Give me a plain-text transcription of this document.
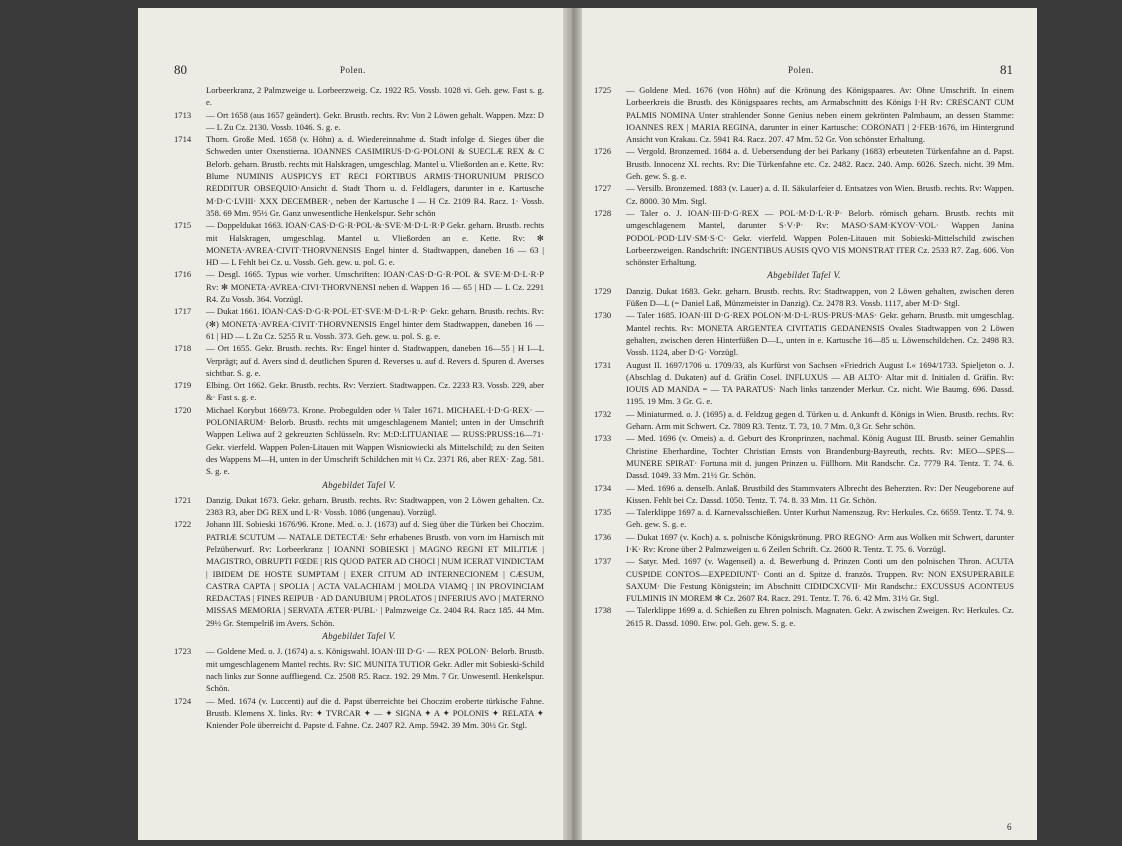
80	Polen.
Lorbeerkranz, 2 Palmzweige u. Lorbeerzweig. Cz. 1922 R5. Vossb. 1028 vi. Geh. gew. Fast s. g. e.
1713	— Ort 1658 (aus 1657 geändert). Gekr. Brustb. rechts. Rv: Von 2 Löwen gehalt. Wappen. Mzz: D — L Zu Cz. 2130. Vossb. 1046. S. g. e.
1714	Thorn. Große Med. 1658 (v. Höhn) a. d. Wiedereinnahme d. Stadt infolge d. Sieges über die Schweden unter Oxenstierna. IOANNES CASIMIRUS·D·G·POLONI & SUECLÆ REX & C Belorb. geharn. Brustb. rechts mit Halskragen, umgeschlag. Mantel u. Vließorden an e. Kette. Rv: Blume NUMINIS AUSPICYS ET RECI FORTIBUS ARMIS·THORUNIUM PRISCO REDDITUR OBSEQUIO·Ansicht d. Stadt Thorn u. d. Feldlagers, darunter in e. Kartusche M·D·C·LVIII· XXX DECEMBER·, neben der Kartusche I — H Cz. 2109 R4. Racz. 1· Vossb. 358. 69 Mm. 95½ Gr. Ganz unwesentliche Henkelspur. Sehr schön
1715	— Doppeldukat 1663. IOAN·CAS·D·G·R·POL·&·SVE·M·D·L·R·P Gekr. geharn. Brustb. rechts mit Halskragen, umgeschlag. Mantel u. Vließorden an e. Kette. Rv: ✻ MONETA·AVREA·CIVIT·THORVNENSIS Engel hinter d. Stadtwappen, daneben 16 — 63 | HD — L Fehlt bei Cz. u. Vossb. Geh. gew. u. pol. G. e.
1716	— Desgl. 1665. Typus wie vorher. Umschriften: IOAN·CAS·D·G·R·POL & SVE·M·D·L·R·P Rv: ✻ MONETA·AVREA·CIVI·THORVNENSI neben d. Wappen 16 — 65 | HD — L Cz. 2291 R4. Zu Vossb. 364. Vorzügl.
1717	— Dukat 1661. IOAN·CAS·D·G·R·POL·ET·SVE·M·D·L·R·P· Gekr. geharn. Brustb. rechts. Rv: (✻) MONETA·AVREA·CIVIT·THORVNENSIS Engel hinter dem Stadtwappen, daneben 16 — 61 | HD — L Zu Cz. 5255 R u. Vossb. 373. Geh. gew. u. pol. S. g. e.
1718	— Ort 1655. Gekr. Brustb. rechts. Rv: Engel hinter d. Stadtwappen, daneben 16—55 | H I—L Verprägt; auf d. Avers sind d. deutlichen Spuren d. Reverses u. auf d. Revers d. Spuren d. Averses sichtbar. S. g. e.
1719	Elbing. Ort 1662. Gekr. Brustb. rechts. Rv: Verziert. Stadtwappen. Cz. 2233 R3. Vossb. 229, aber &· Fast s. g. e.
1720	Michael Korybut 1669/73. Krone. Probegulden oder ⅓ Taler 1671. MICHAEL·I·D·G·REX· — POLONIARUM· Belorb. Brustb. rechts mit umgeschlagenem Mantel; unten in der Umschrift Wappen Leliwa auf 2 gekreuzten Schlüsseln. Rv: M:D:LITUANIAE — RUSS:PRUSS:16—71· Gekr. vierfeld. Wappen Polen-Litauen mit Wappen Wisniowiecki als Mittelschild; zu den Seiten des Wappens M—H, unten in der Umschrift Schildchen mit ⅓ Cz. 2371 R6, aber REX· Zag. 581. S. g. e.
Abgebildet Tafel V.
1721	Danzig. Dukat 1673. Gekr. geharn. Brustb. rechts. Rv: Stadtwappen, von 2 Löwen gehalten. Cz. 2383 R3, aber DG REX und L·R· Vossb. 1086 (ungenau). Vorzügl.
1722	Johann III. Sobieski 1676/96. Krone. Med. o. J. (1673) auf d. Sieg über die Türken bei Choczim. PATRIÆ SCUTUM — NATALE DETECTÆ· Sehr erhabenes Brustb. von vorn im Harnisch mit Pelzüberwurf. Rv: Lorbeerkranz | IOANNI SOBIESKI | MAGNO REGNI ET MILITIÆ | MAGISTRO, OBRUPTI FŒDE | RIS QUOD PATER AD CHOCI | NUM ICERAT VINDICTAM | IBIDEM DE HOSTE SUMPTAM | EXER CITUM AD INTERNECIONEM | CÆSUM, CASTRA CAPTA | SPOLIA | ACTA VALACHIAM | MOLDA VIAMQ | IN PROVINCIAM REDACTAS | FINES REIPUB · AD DANUBIUM | PROLATOS | INFERIUS AVO | MATERNO MISSAS MEMORIA | SERVATA ÆTER·PUBL· | Palmzweige Cz. 2404 R4. Racz 185. 44 Mm. 29½ Gr. Stempelriß im Avers. Schön.
Abgebildet Tafel V.
1723	— Goldene Med. o. J. (1674) a. s. Königswahl. IOAN·III D·G· — REX POLON· Belorb. Brustb. mit umgeschlagenem Mantel rechts. Rv: SIC MUNITA TUTIOR Gekr. Adler mit Sobieski-Schild nach links zur Sonne auffliegend. Cz. 2508 R5. Racz. 192. 29 Mm. 7 Gr. Unwesentl. Henkelspur. Schön.
1724	— Med. 1674 (v. Luccenti) auf die d. Papst überreichte bei Choczim eroberte türkische Fahne. Brustb. Klemens X. links. Rv: ✦ TVRCAR ✦ — ✦ SIGNA ✦ A ✦ POLONIS ✦ RELATA ✦ Kniender Pole überreicht d. Papste d. Fahne. Cz. 2407 R2. Amp. 5942. 39 Mm. 30½ Gr. Stgl.
Polen.	81
1725	— Goldene Med. 1676 (von Höhn) auf die Krönung des Königspaares. Av: Ohne Umschrift. In einem Lorbeerkreis die Brustb. des Königspaares rechts, am Armabschnitt des Königs I·H Rv: CRESCANT CUM PALMIS NOMINA Unter strahlender Sonne Genius neben einem gekrönten Palmbaum, an dessen Stamme: IOANNES REX | MARIA REGINA, darunter in einer Kartusche: CORONATI | 2·FEB·1676, im Hintergrund Ansicht von Krakau. Cz. 5941 R4. Racz. 207. 47 Mm. 52 Gr. Von schönster Erhaltung.
1726	— Vergold. Bronzemed. 1684 a. d. Uebersendung der bei Parkany (1683) erbeuteten Türkenfahne an d. Papst. Brustb. Innocenz XI. rechts. Rv: Die Türkenfahne etc. Cz. 2482. Racz. 240. Amp. 6026. Szech. nicht. 39 Mm. Geh. gew. S. g. e.
1727	— Versilb. Bronzemed. 1883 (v. Lauer) a. d. II. Säkularfeier d. Entsatzes von Wien. Brustb. rechts. Rv: Wappen. Cz. 8000. 30 Mm. Stgl.
1728	— Taler o. J. IOAN·III·D·G·REX — POL·M·D·L·R·P· Belorb. römisch geharn. Brustb. rechts mit umgeschlagenem Mantel, darunter S·V·P· Rv: MASO·SAM·KYOV·VOL· Wappen Janina PODOL·POD·LIV·SM·S·C· Gekr. vierfeld. Wappen Polen-Litauen mit Sobieski-Mittelschild zwischen Lorbeerzweigen. Randschrift: INGENTIBUS AUSIS QVO VIS MONSTRAT ITER Cz. 2533 R7. Zag. 606. Von schönster Erhaltung.
Abgebildet Tafel V.
1729	Danzig. Dukat 1683. Gekr. geharn. Brustb. rechts. Rv: Stadtwappen, von 2 Löwen gehalten, zwischen deren Füßen D—L (= Daniel Laß, Münzmeister in Danzig). Cz. 2478 R3. Vossb. 1117, aber M·D· Stgl.
1730	— Taler 1685. IOAN·III D·G·REX POLON·M·D·L·RUS·PRUS·MAS· Gekr. geharn. Brustb. mit umgeschlag. Mantel rechts. Rv: MONETA ARGENTEA CIVITATIS GEDANENSIS Ovales Stadtwappen von 2 Löwen gehalten, zwischen deren Hinterfüßen D—L, unten in e. Kartusche 16—85 u. Löwenschildchen. Cz. 2498 R3. Vossb. 1124, aber D·G· Vorzügl.
1731	August II. 1697/1706 u. 1709/33, als Kurfürst von Sachsen »Friedrich August I.« 1694/1733. Spieljeton o. J. (Abschlag d. Dukaten) auf d. Gräfin Cosel. INFLUXUS — AB ALTO· Altar mit d. Initialen d. Gräfin. Rv: IOUIS AD MANDA = — TA PARATUS· Nach links tanzender Merkur. Cz. nicht. Wie Baumg. 696. Dassd. 1195. 19 Mm. 3 Gr. G. e.
1732	— Miniaturmed. o. J. (1695) a. d. Feldzug gegen d. Türken u. d. Ankunft d. Königs in Wien. Brustb. rechts. Rv: Geharn. Arm mit Schwert. Cz. 7809 R3. Tentz. T. 73, 10. 7 Mm. 0,3 Gr. Sehr schön.
1733	— Med. 1696 (v. Omeis) a. d. Geburt des Kronprinzen, nachmal. König August III. Brustb. seiner Gemahlin Christine Eberhardine, Tochter Christian Ernsts von Brandenburg-Bayreuth, rechts. Rv: MEO—SPES—MUNERE SPIRAT· Fortuna mit d. jungen Prinzen u. Füllhorn. Mit Randschr. Cz. 7779 R4. Tentz. T. 74. 6. Dassd. 1049. 33 Mm. 21½ Gr. Schön.
1734	— Med. 1696 a. denselb. Anlaß. Brustbild des Stammvaters Albrecht des Beherzten. Rv: Der Neugeborene auf Kissen. Fehlt bei Cz. Dassd. 1050. Tentz. T. 74. 8. 33 Mm. 11 Gr. Schön.
1735	— Talerklippe 1697 a. d. Karnevalsschießen. Unter Kurhut Namenszug. Rv: Herkules. Cz. 6659. Tentz. T. 74. 9. Geh. gew. S. g. e.
1736	— Dukat 1697 (v. Koch) a. s. polnische Königskrönung. PRO REGNO· Arm aus Wolken mit Schwert, darunter I·K· Rv: Krone über 2 Palmzweigen u. 6 Zeilen Schrift. Cz. 2600 R. Tentz. T. 75. 6. Vorzügl.
1737	— Satyr. Med. 1697 (v. Wagenseil) a. d. Bewerbung d. Prinzen Conti um den polnischen Thron. ACUTA CUSPIDE CONTOS—EXPEDIUNT· Conti an d. Spitze d. französ. Truppen. Rv: NON EXSUPERABILE SAXUM· Die Festung Königstein; im Abschnitt CIDIDCXCVII· Mit Randschr.: EXCUSSUS ACONTEUS FULMINIS IN MOREM ✻ Cz. 2607 R4. Racz. 291. Tentz. T. 76. 6. 42 Mm. 31½ Gr. Stgl.
1738	— Talerklippe 1699 a. d. Schießen zu Ehren polnisch. Magnaten. Gekr. A zwischen Zweigen. Rv: Herkules. Cz. 2615 R. Dassd. 1090. Etw. pol. Geh. gew. S. g. e.
6
